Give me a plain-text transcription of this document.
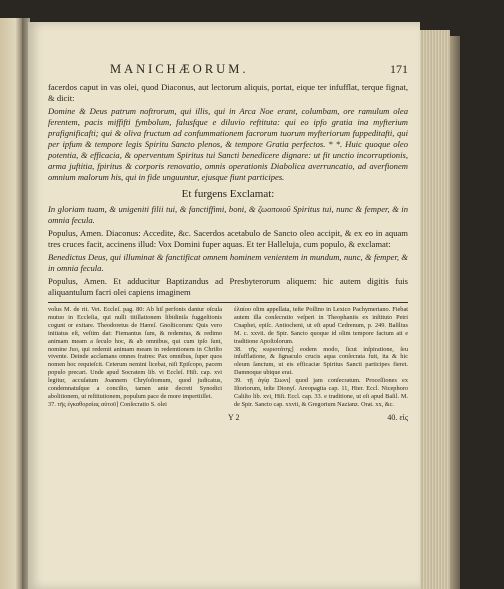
MANICHÆORUM.	171

facerdos caput in vas olei, quod Diaconus, aut lectorum aliquis, portat, eique ter infufflat, terque fignat, & dicit:

Domine & Deus patrum noftrorum, qui illis, qui in Arca Noe erant, columbam, ore ramulum olea ferentem, pacis miffifti fymbolum, falusfque e diluvio reftituta: qui eo ipfo gratia ina myfterium prafignificafti; qui & oliva fructum ad confummationem facrorum tuorum myfteriorum fuppeditafti, qui per ipfum & tempore legis Spiritu Sancto plenos, & tempore Gratia perfectos. * *. Huic quoque oleo potentia, & efficacia, & operventum Spiritus tui Sancti benedicere dignare: ut fit unctio incorruptionis, arma juftitia, fpiritus & corporis renovatio, omnis operationis Diabolica averruncatio, ad averfionem omnium malorum his, qui in fide unguuntur, ejusque fiunt participes.

Et furgens Exclamat:

In gloriam tuam, & unigeniti filii tui, & fanctiffimi, boni, & ζωοποιοῦ Spiritus tui, nunc & femper, & in omnia fecula.

Populus, Amen. Diaconus: Accedite, &c. Sacerdos acetabulo de Sancto oleo accipit, & ex eo in aquam tres cruces facit, accinens illud: Vox Domini fuper aquas. Et ter Halleluja, cum populo, & exclamat:

Benedictus Deus, qui illuminat & fanctificat omnem hominem venientem in mundum, nunc, & femper, & in omnia fecula.

Populus, Amen. Et adducitur Baptizandus ad Presbyterorum aliquem: hic autem digitis fuis aliquantulum facri olei capiens imaginem

volus M. de rit. Vet. Eccleſ. pag. 80: Ab hiſ perfonis dantur oſcula mutuo in Eccleſia, qui nulli titillationem libidiniſa fuggeſtionis cogunt or exitare. Theodoretus de Hæreſ. Gnoſticorum: Quis vero initiatus eſt, veſtim dat: Fiemantus ſum, & redemtus, & redimo animam meam a ſeculo hoc, & ab omnibus, qui cum ipſo ſunt, nomine Juo, qui redemit animam meam in redemtionem in Chriſto vivente. Deinde acclamans omnes fratres: Pax omnibus, ſuper quos nomen hoc requieſcit. Ceterum nemini licebat, niſi Epiſcopo, pacem populo precari. Unde apud Socratem lib. vi Eccleſ. Hiſt. cap. xvi legitur, accuſatum Joannem Chryſoſtomum, quod judicatus, condemnatuſque a concilio, tamen ante decreti Synodici abolitionem, ut reſtitutionem, populum pace de more impertiiſſet.

37. τῆς ἐγκαθορσίας αὐτοῦ] Conſecratio S. olei

ἐλαίου olim appellata, teſte Poſſino in Lexico Pachymeriano. Fiebat autem illa conſecratio veſperi in Theophaniis ex inſtituto Petri Cnaphei, epiſc. Antiocheni, ut eſt apud Cedrenum, p. 249. Baſilius M. c. xxvii. de Spir. Sancto quoque id olim tempore factum ait e traditione Apoſtolorum.

38. τῆς κυριοτάτης] eodem modo, ſicut inſpiratione, ſeu inſufflatione, & ſignaculo crucis aqua conſecrata fuit, ita & hic oleum ſanctum, ut eis efficaciæ Spiritus Sancti participes fieret. Damnoque ubique erat.

39. τῇ ἁγίᾳ Σιωνι] quod jam conſecratum. Proceſſiones ex Iſtoriorum, teſte Dionyſ. Areopagita cap. 11, Hier. Eccl. Nicephoro Caliſto lib. xvi, Hiſt. Eccl. cap. 33. e traditione, ut eſt apud Baſil. M. de Spir. Sancto cap. xxvii, & Gregorium Nazianz. Orat. xx, &c.

Y 2	40. εἰς
